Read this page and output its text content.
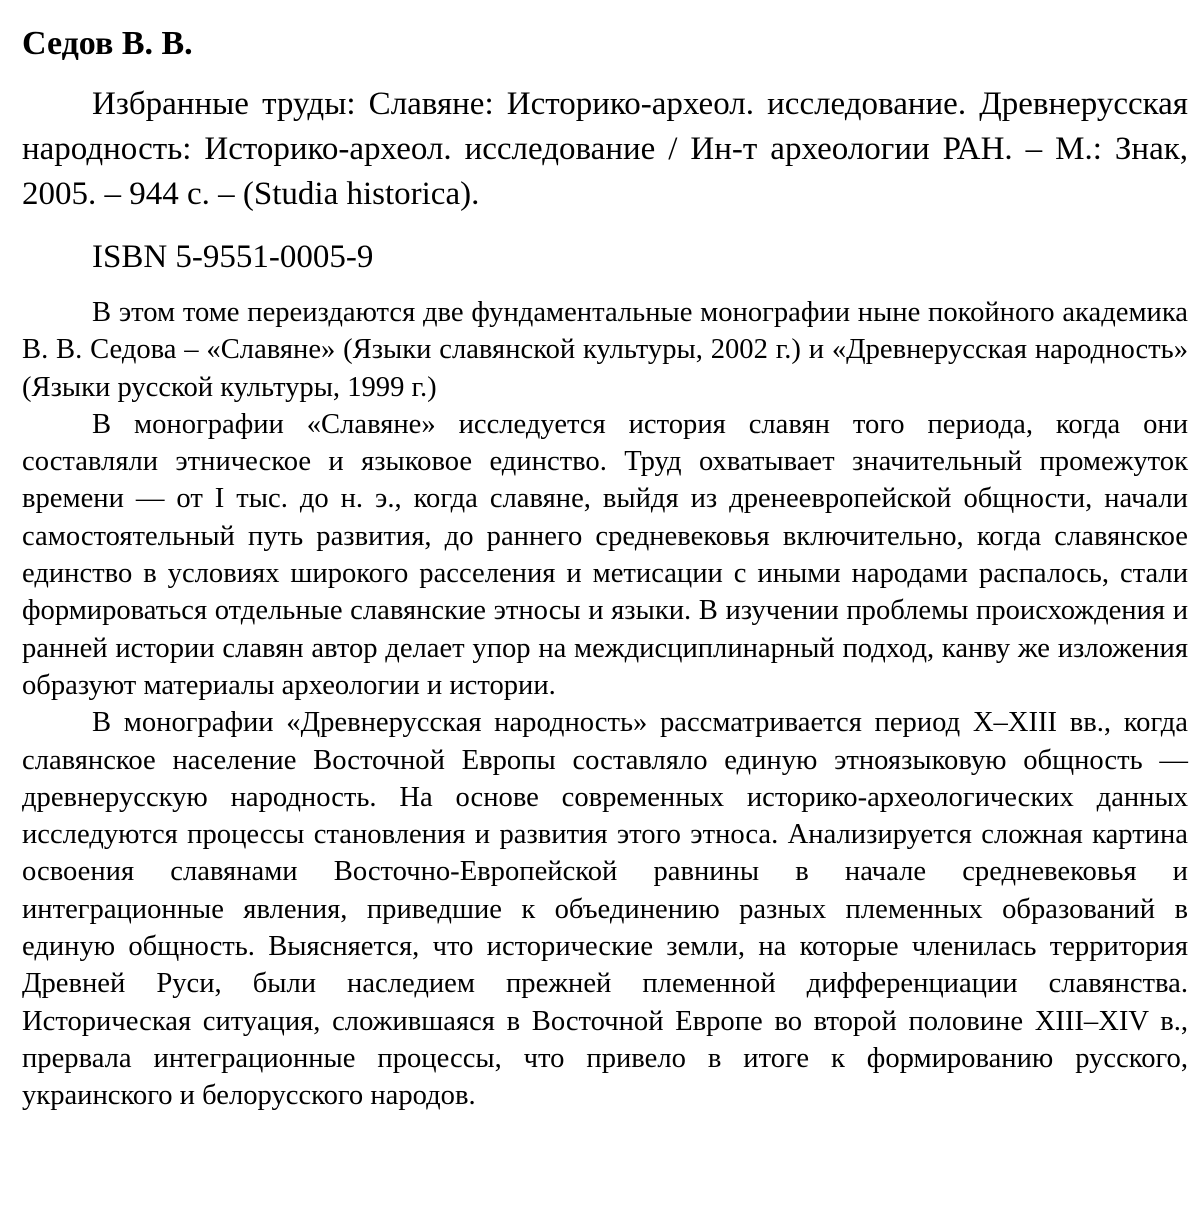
Седов В. В.

Избранные труды: Славяне: Историко-археол. исследование. Древнерусская народность: Историко-археол. исследование / Ин-т археологии РАН. – М.: Знак, 2005. – 944 с. – (Studia historica).

ISBN 5-9551-0005-9

В этом томе переиздаются две фундаментальные монографии ныне покойного академика В. В. Седова – «Славяне» (Языки славянской культуры, 2002 г.) и «Древнерусская народность» (Языки русской культуры, 1999 г.)

В монографии «Славяне» исследуется история славян того периода, когда они составляли этническое и языковое единство. Труд охватывает значительный промежуток времени — от I тыс. до н. э., когда славяне, выйдя из дренеевропейской общности, начали самостоятельный путь развития, до раннего средневековья включительно, когда славянское единство в условиях широкого расселения и метисации с иными народами распалось, стали формироваться отдельные славянские этносы и языки. В изучении проблемы происхождения и ранней истории славян автор делает упор на междисциплинарный подход, канву же изложения образуют материалы археологии и истории.

В монографии «Древнерусская народность» рассматривается период X–XIII вв., когда славянское население Восточной Европы составляло единую этноязыковую общность — древнерусскую народность. На основе современных историко-археологических данных исследуются процессы становления и развития этого этноса. Анализируется сложная картина освоения славянами Восточно-Европейской равнины в начале средневековья и интеграционные явления, приведшие к объединению разных племенных образований в единую общность. Выясняется, что исторические земли, на которые членилась территория Древней Руси, были наследием прежней племенной дифференциации славянства. Историческая ситуация, сложившаяся в Восточной Европе во второй половине XIII–XIV в., прервала интеграционные процессы, что привело в итоге к формированию русского, украинского и белорусского народов.
